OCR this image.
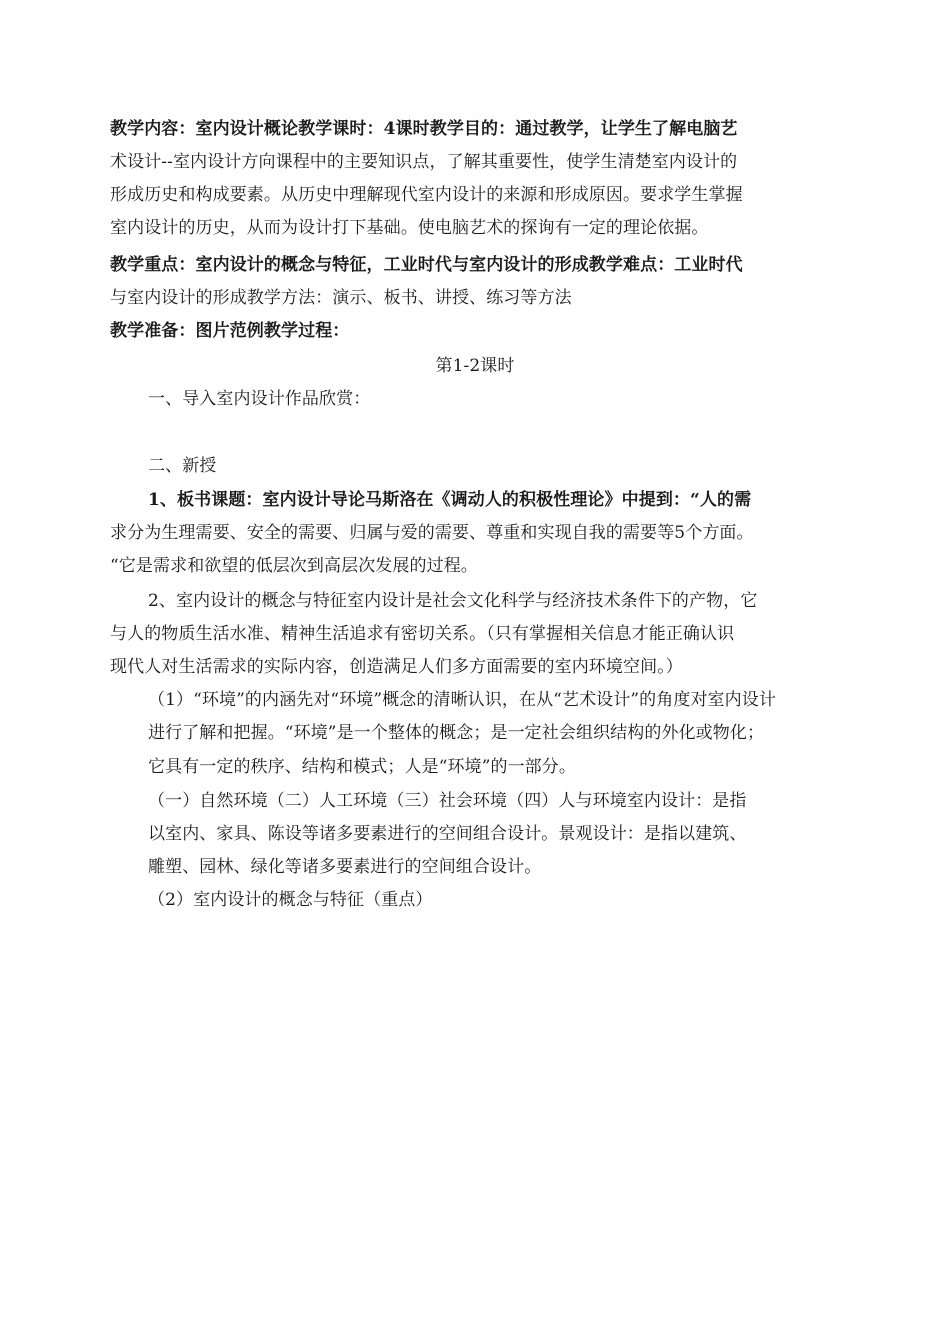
教学内容：室内设计概论教学课时：4课时教学目的：通过教学，让学生了解电脑艺
术设计--室内设计方向课程中的主要知识点，了解其重要性，使学生清楚室内设计的
形成历史和构成要素。从历史中理解现代室内设计的来源和形成原因。要求学生掌握
室内设计的历史，从而为设计打下基础。使电脑艺术的探询有一定的理论依据。
教学重点：室内设计的概念与特征，工业时代与室内设计的形成教学难点：工业时代
与室内设计的形成教学方法：演示、板书、讲授、练习等方法
教学准备：图片范例教学过程：
第1-2课时
一、导入室内设计作品欣赏：
二、新授
1、板书课题：室内设计导论马斯洛在《调动人的积极性理论》中提到：“人的需
求分为生理需要、安全的需要、归属与爱的需要、尊重和实现自我的需要等5个方面。
“它是需求和欲望的低层次到高层次发展的过程。
2、室内设计的概念与特征室内设计是社会文化科学与经济技术条件下的产物，它
与人的物质生活水准、精神生活追求有密切关系。（只有掌握相关信息才能正确认识
现代人对生活需求的实际内容，创造满足人们多方面需要的室内环境空间。）
（1）“环境”的内涵先对“环境”概念的清晰认识，在从“艺术设计”的角度对室内设计
进行了解和把握。“环境”是一个整体的概念；是一定社会组织结构的外化或物化；
它具有一定的秩序、结构和模式；人是“环境”的一部分。
（一）自然环境（二）人工环境（三）社会环境（四）人与环境室内设计：是指
以室内、家具、陈设等诸多要素进行的空间组合设计。景观设计：是指以建筑、
雕塑、园林、绿化等诸多要素进行的空间组合设计。
（2）室内设计的概念与特征（重点）
